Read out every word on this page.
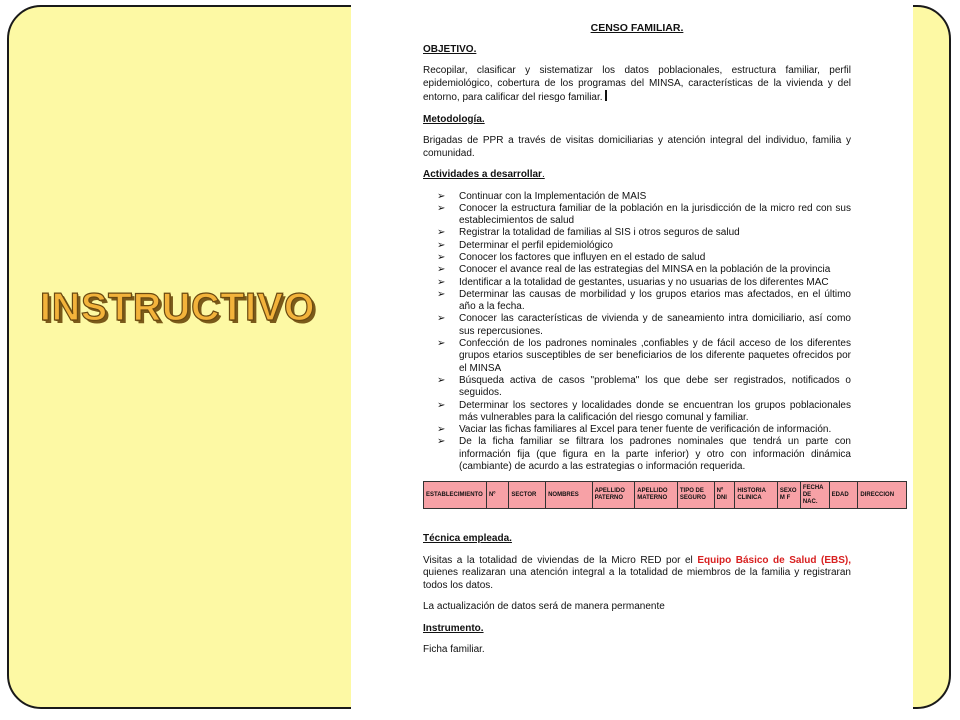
INSTRUCTIVO
CENSO FAMILIAR.
OBJETIVO.
Recopilar, clasificar y sistematizar los datos poblacionales, estructura familiar, perfil epidemiológico, cobertura de los programas del MINSA, características de la vivienda y del entorno, para calificar del riesgo familiar.
Metodología.
Brigadas de PPR a través de visitas domiciliarias y atención integral del individuo, familia y comunidad.
Actividades a desarrollar.
➢ Continuar con la Implementación de MAIS
➢ Conocer la estructura familiar de la población en la jurisdicción de la micro red con sus establecimientos de salud
➢ Registrar la totalidad de familias al SIS i otros seguros de salud
➢ Determinar el perfil epidemiológico
➢ Conocer los factores que influyen en el estado de salud
➢ Conocer el avance real de las estrategias del MINSA en la población de la provincia
➢ Identificar a la totalidad de gestantes, usuarias y no usuarias de los diferentes MAC
➢ Determinar las causas de morbilidad y los grupos etarios mas afectados, en el último año a la fecha.
➢ Conocer las características de vivienda y de saneamiento intra domiciliario, así como sus repercusiones.
➢ Confección de los padrones nominales ,confiables y de fácil acceso de los diferentes grupos etarios susceptibles de ser beneficiarios de los diferente paquetes ofrecidos por el MINSA
➢ Búsqueda activa de casos "problema" los que debe ser registrados, notificados o seguidos.
➢ Determinar los sectores y localidades donde se encuentran los grupos poblacionales más vulnerables para la calificación del riesgo comunal y familiar.
➢ Vaciar las fichas familiares al Excel para tener fuente de verificación de información.
➢ De la ficha familiar se filtrara los padrones nominales que tendrá un parte con información fija (que figura en la parte inferior) y otro con información dinámica (cambiante) de acurdo a las estrategias o información requerida.
ESTABLECIMIENTO	Nº	SECTOR	NOMBRES	APELLIDO PATERNO	APELLIDO MATERNO	TIPO DE SEGURO	Nº DNI	HISTORIA CLINICA	SEXO M F	FECHA DE NAC.	EDAD	DIRECCION
Técnica empleada.
Visitas a la totalidad de viviendas de la Micro RED por el Equipo Básico de Salud (EBS), quienes realizaran una atención integral a la totalidad de miembros de la familia y registraran todos los datos.
La actualización de datos será de manera permanente
Instrumento.
Ficha familiar.
